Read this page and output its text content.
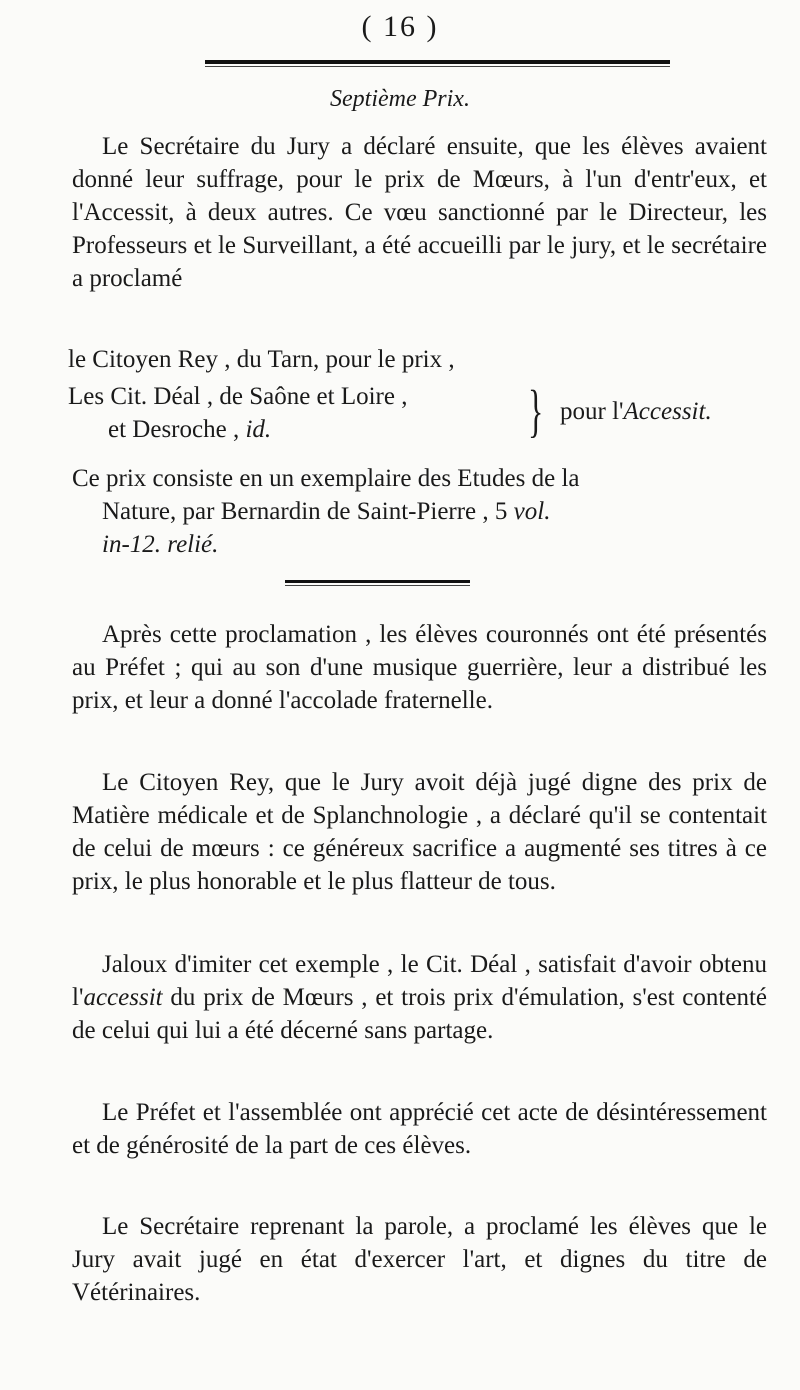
( 16 )
Septième Prix.

Le Secrétaire du Jury a déclaré ensuite, que les élèves avaient donné leur suffrage, pour le prix de Mœurs, à l'un d'entr'eux, et l'Accessit, à deux autres. Ce vœu sanctionné par le Directeur, les Professeurs et le Surveillant, a été accueilli par le jury, et le secrétaire a proclamé

le Citoyen Rey , du Tarn, pour le prix ,
Les Cit. Déal , de Saône et Loire ,
et Desroche , id.	} pour l'Accessit.
Ce prix consiste en un exemplaire des Etudes de la
Nature, par Bernardin de Saint-Pierre , 5 vol.
in-12. relié.

Après cette proclamation , les élèves couronnés ont été présentés au Préfet ; qui au son d'une musique guerrière, leur a distribué les prix, et leur a donné l'accolade fraternelle.

Le Citoyen Rey, que le Jury avoit déjà jugé digne des prix de Matière médicale et de Splanchnologie , a déclaré qu'il se contentait de celui de mœurs : ce généreux sacrifice a augmenté ses titres à ce prix, le plus honorable et le plus flatteur de tous.

Jaloux d'imiter cet exemple , le Cit. Déal , satisfait d'avoir obtenu l'accessit du prix de Mœurs , et trois prix d'émulation, s'est contenté de celui qui lui a été décerné sans partage.

Le Préfet et l'assemblée ont apprécié cet acte de désintéressement et de générosité de la part de ces élèves.

Le Secrétaire reprenant la parole, a proclamé les élèves que le Jury avait jugé en état d'exercer l'art, et dignes du titre de Vétérinaires.
